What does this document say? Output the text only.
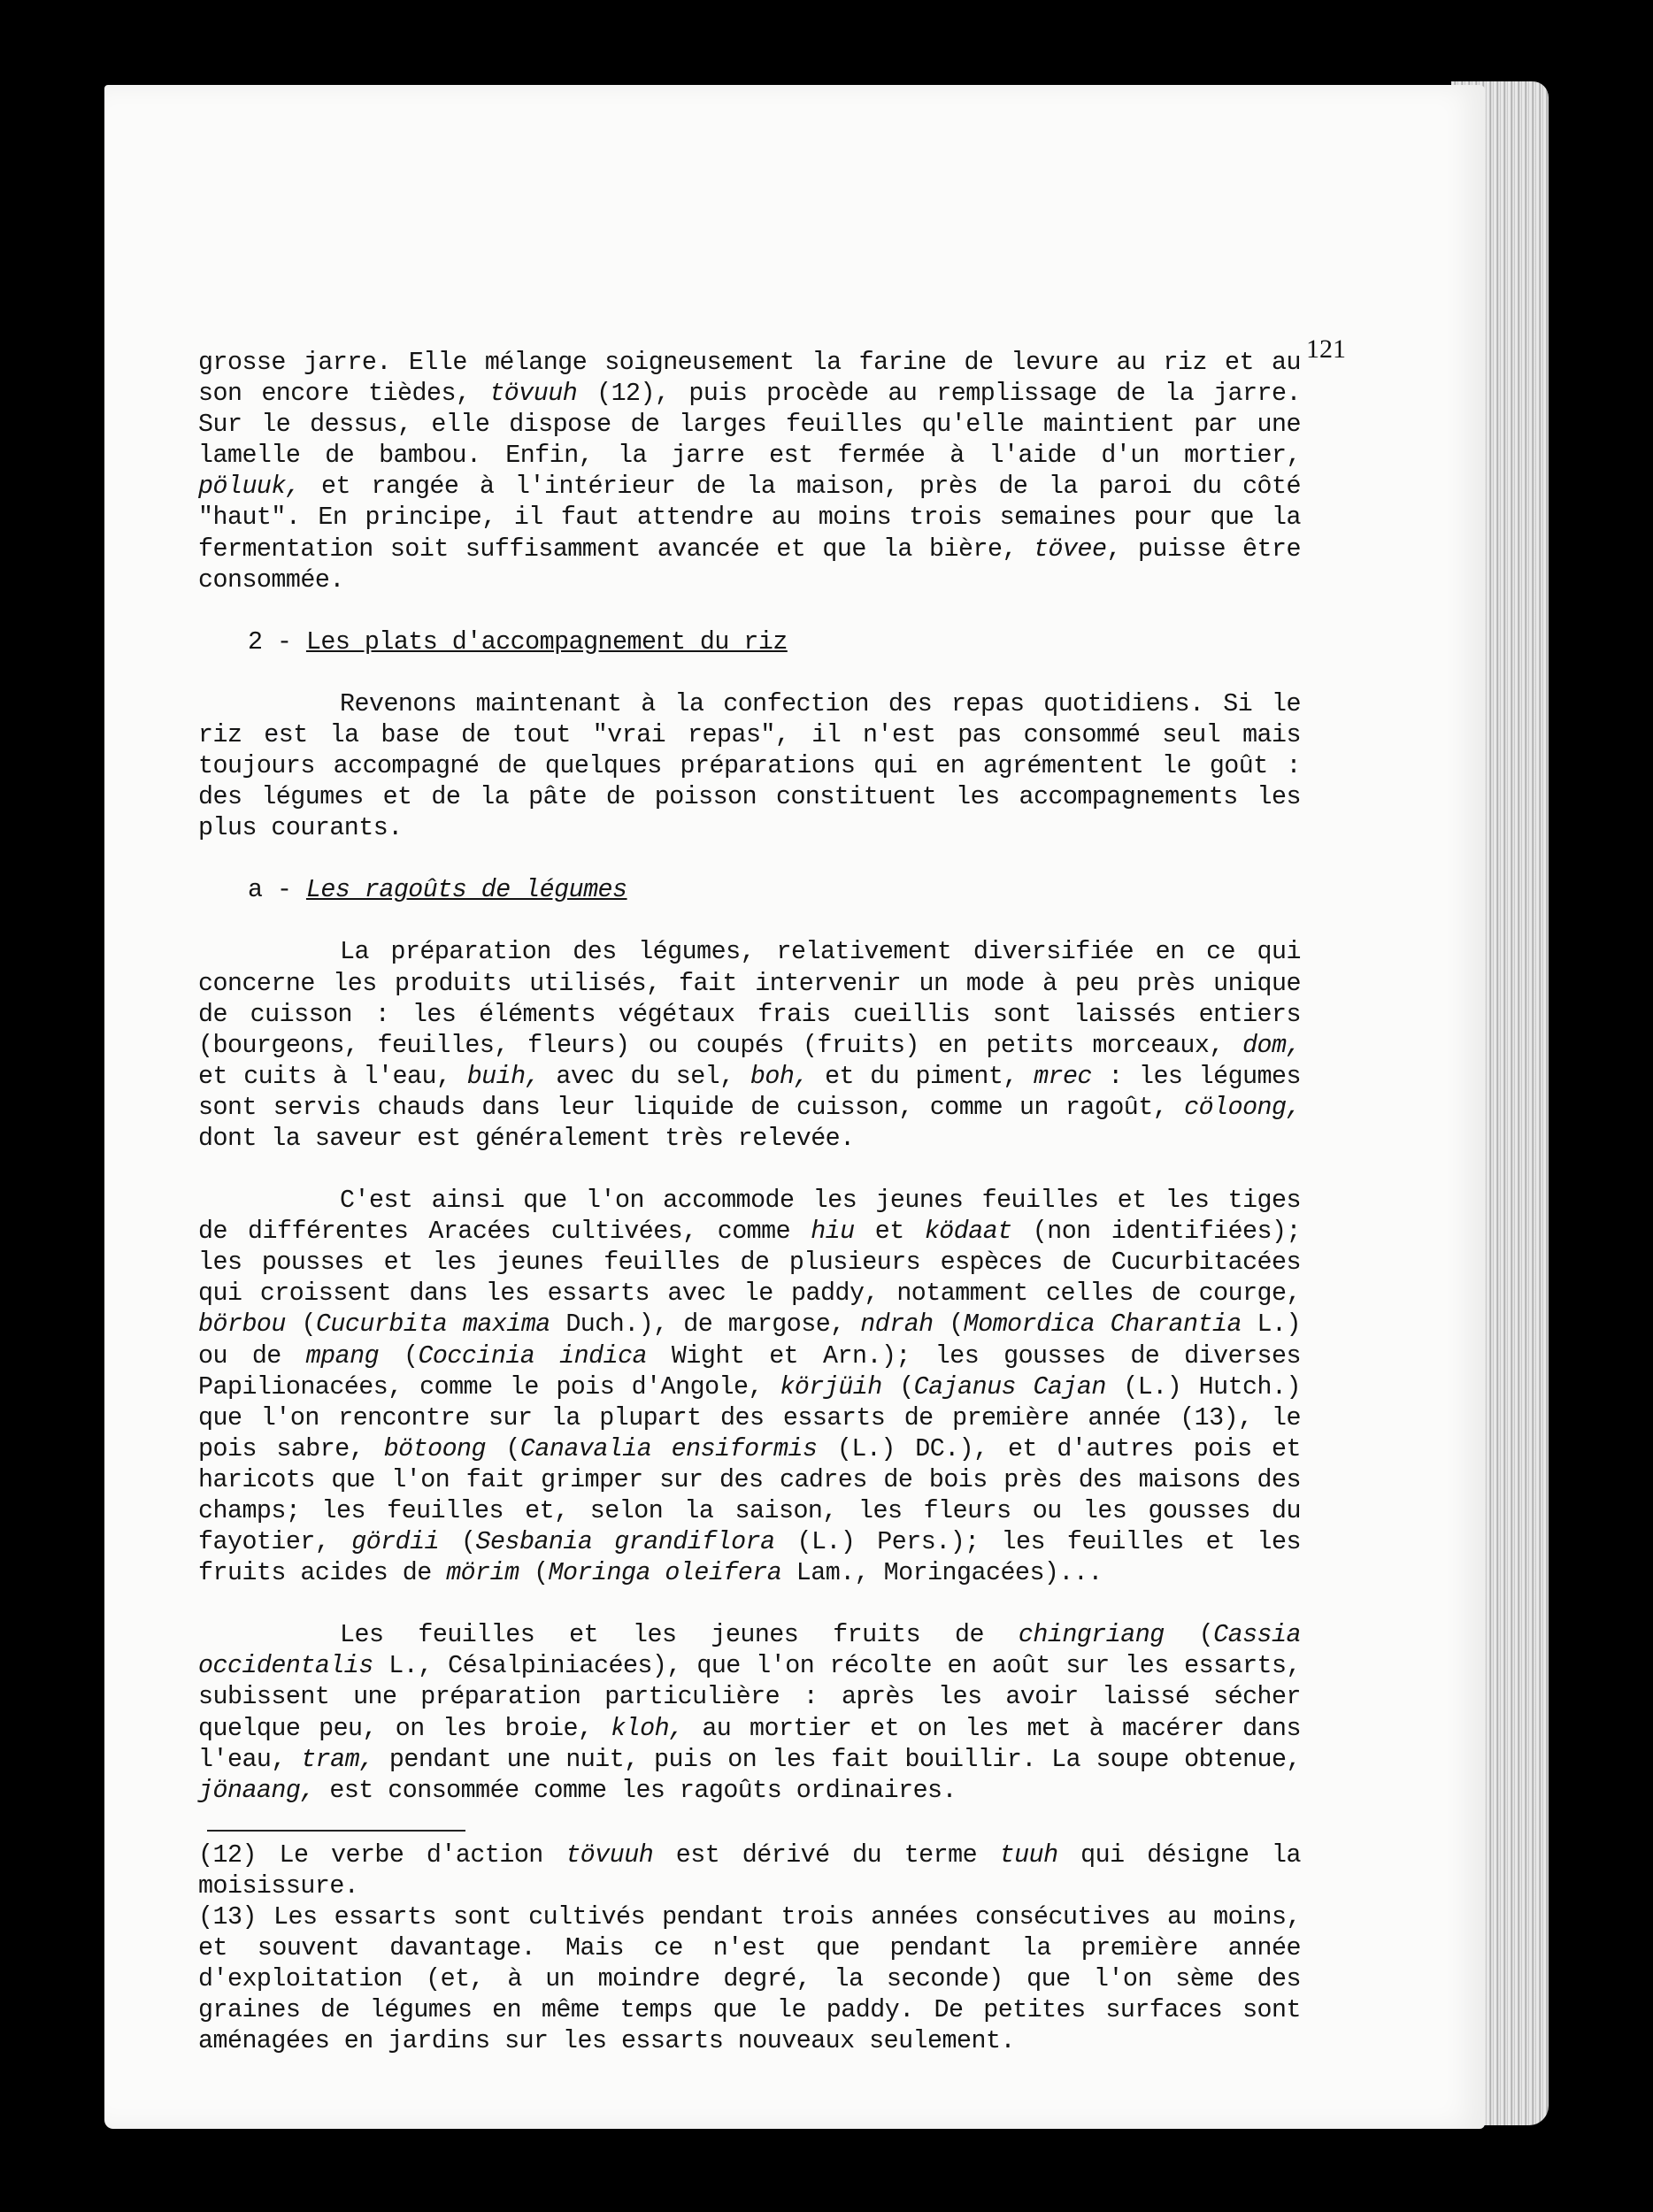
121

grosse jarre. Elle mélange soigneusement la farine de levure au riz et au son encore tièdes, tövuuh (12), puis procède au remplissage de la jarre. Sur le dessus, elle dispose de larges feuilles qu'elle maintient par une lamelle de bambou. Enfin, la jarre est fermée à l'aide d'un mortier, pöluuk, et rangée à l'intérieur de la maison, près de la paroi du côté "haut". En principe, il faut attendre au moins trois semaines pour que la fermentation soit suffisamment avancée et que la bière, tövee, puisse être consommée.

2 - Les plats d'accompagnement du riz

Revenons maintenant à la confection des repas quotidiens. Si le riz est la base de tout "vrai repas", il n'est pas consommé seul mais toujours accompagné de quelques préparations qui en agrémentent le goût : des légumes et de la pâte de poisson constituent les accompagnements les plus courants.

a - Les ragoûts de légumes

La préparation des légumes, relativement diversifiée en ce qui concerne les produits utilisés, fait intervenir un mode à peu près unique de cuisson : les éléments végétaux frais cueillis sont laissés entiers (bourgeons, feuilles, fleurs) ou coupés (fruits) en petits morceaux, dom, et cuits à l'eau, buih, avec du sel, boh, et du piment, mrec : les légumes sont servis chauds dans leur liquide de cuisson, comme un ragoût, cöloong, dont la saveur est généralement très relevée.

C'est ainsi que l'on accommode les jeunes feuilles et les tiges de différentes Aracées cultivées, comme hiu et ködaat (non identifiées); les pousses et les jeunes feuilles de plusieurs espèces de Cucurbitacées qui croissent dans les essarts avec le paddy, notamment celles de courge, börbou (Cucurbita maxima Duch.), de margose, ndrah (Momordica Charantia L.) ou de mpang (Coccinia indica Wight et Arn.); les gousses de diverses Papilionacées, comme le pois d'Angole, körjüih (Cajanus Cajan (L.) Hutch.) que l'on rencontre sur la plupart des essarts de première année (13), le pois sabre, bötoong (Canavalia ensiformis (L.) DC.), et d'autres pois et haricots que l'on fait grimper sur des cadres de bois près des maisons des champs; les feuilles et, selon la saison, les fleurs ou les gousses du fayotier, gördii (Sesbania grandiflora (L.) Pers.); les feuilles et les fruits acides de mörim (Moringa oleifera Lam., Moringacées)...

Les feuilles et les jeunes fruits de chingriang (Cassia occidentalis L., Césalpiniacées), que l'on récolte en août sur les essarts, subissent une préparation particulière : après les avoir laissé sécher quelque peu, on les broie, kloh, au mortier et on les met à macérer dans l'eau, tram, pendant une nuit, puis on les fait bouillir. La soupe obtenue, jönaang, est consommée comme les ragoûts ordinaires.

(12) Le verbe d'action tövuuh est dérivé du terme tuuh qui désigne la moisissure.

(13) Les essarts sont cultivés pendant trois années consécutives au moins, et souvent davantage. Mais ce n'est que pendant la première année d'exploitation (et, à un moindre degré, la seconde) que l'on sème des graines de légumes en même temps que le paddy. De petites surfaces sont aménagées en jardins sur les essarts nouveaux seulement.
